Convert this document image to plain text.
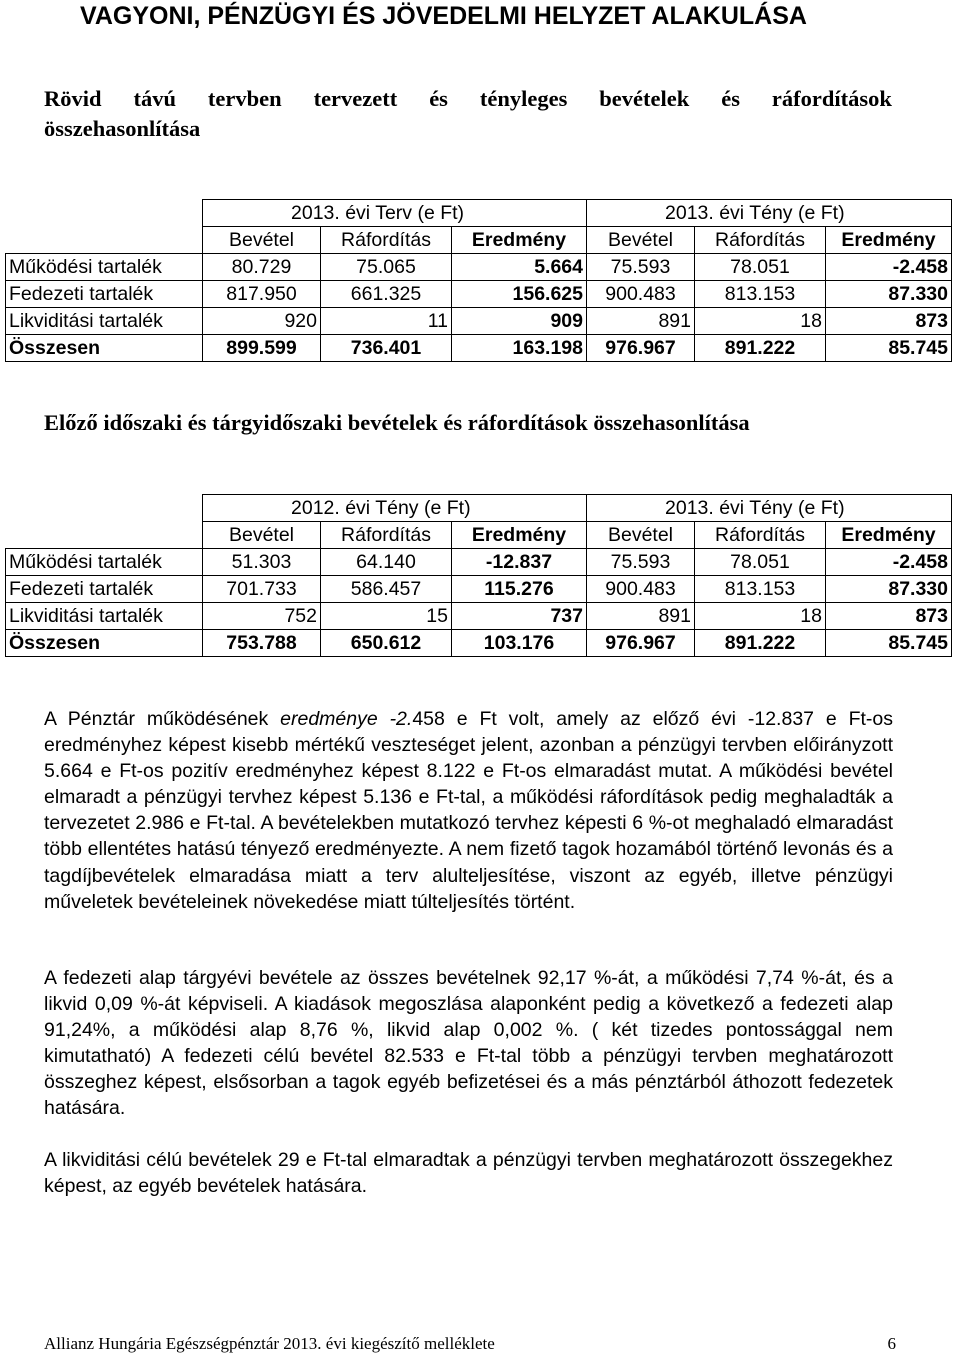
VAGYONI, PÉNZÜGYI ÉS JÖVEDELMI HELYZET ALAKULÁSA
Rövid távú tervben tervezett és tényleges bevételek és ráfordítások
összehasonlítása
	2013. évi Terv (e Ft)			2013. évi Tény (e Ft)		
	Bevétel	Ráfordítás	Eredmény	Bevétel	Ráfordítás	Eredmény
Működési tartalék	80.729	75.065	5.664	75.593	78.051	-2.458
Fedezeti tartalék	817.950	661.325	156.625	900.483	813.153	87.330
Likviditási tartalék	920	11	909	891	18	873
Összesen	899.599	736.401	163.198	976.967	891.222	85.745
Előző időszaki és tárgyidőszaki bevételek és ráfordítások összehasonlítása
	2012. évi Tény (e Ft)			2013. évi Tény (e Ft)		
	Bevétel	Ráfordítás	Eredmény	Bevétel	Ráfordítás	Eredmény
Működési tartalék	51.303	64.140	-12.837	75.593	78.051	-2.458
Fedezeti tartalék	701.733	586.457	115.276	900.483	813.153	87.330
Likviditási tartalék	752	15	737	891	18	873
Összesen	753.788	650.612	103.176	976.967	891.222	85.745
A Pénztár működésének eredménye -2.458 e Ft volt, amely az előző évi -12.837 e Ft-os eredményhez képest kisebb mértékű veszteséget jelent, azonban a pénzügyi tervben előirányzott 5.664 e Ft-os pozitív eredményhez képest 8.122 e Ft-os elmaradást mutat. A működési bevétel elmaradt a pénzügyi tervhez képest 5.136 e Ft-tal, a működési ráfordítások pedig meghaladták a tervezetet 2.986 e Ft-tal. A bevételekben mutatkozó tervhez képesti 6 %-ot meghaladó elmaradást több ellentétes hatású tényező eredményezte. A nem fizető tagok hozamából történő levonás és a tagdíjbevételek elmaradása miatt a terv alulteljesítése, viszont az egyéb, illetve pénzügyi műveletek bevételeinek növekedése miatt túlteljesítés történt.
A fedezeti alap tárgyévi bevétele az összes bevételnek 92,17 %-át, a működési 7,74 %-át, és a likvid 0,09 %-át képviseli. A kiadások megoszlása alaponként pedig a következő a fedezeti alap 91,24%, a működési alap 8,76 %, likvid alap 0,002 %. ( két tizedes pontossággal nem kimutatható) A fedezeti célú bevétel 82.533 e Ft-tal több a pénzügyi tervben meghatározott összeghez képest, elsősorban a tagok egyéb befizetései és a más pénztárból áthozott fedezetek hatására.
A likviditási célú bevételek 29 e Ft-tal elmaradtak a pénzügyi tervben meghatározott összegekhez képest, az egyéb bevételek hatására.
Allianz Hungária Egészségpénztár 2013. évi kiegészítő melléklete	6
